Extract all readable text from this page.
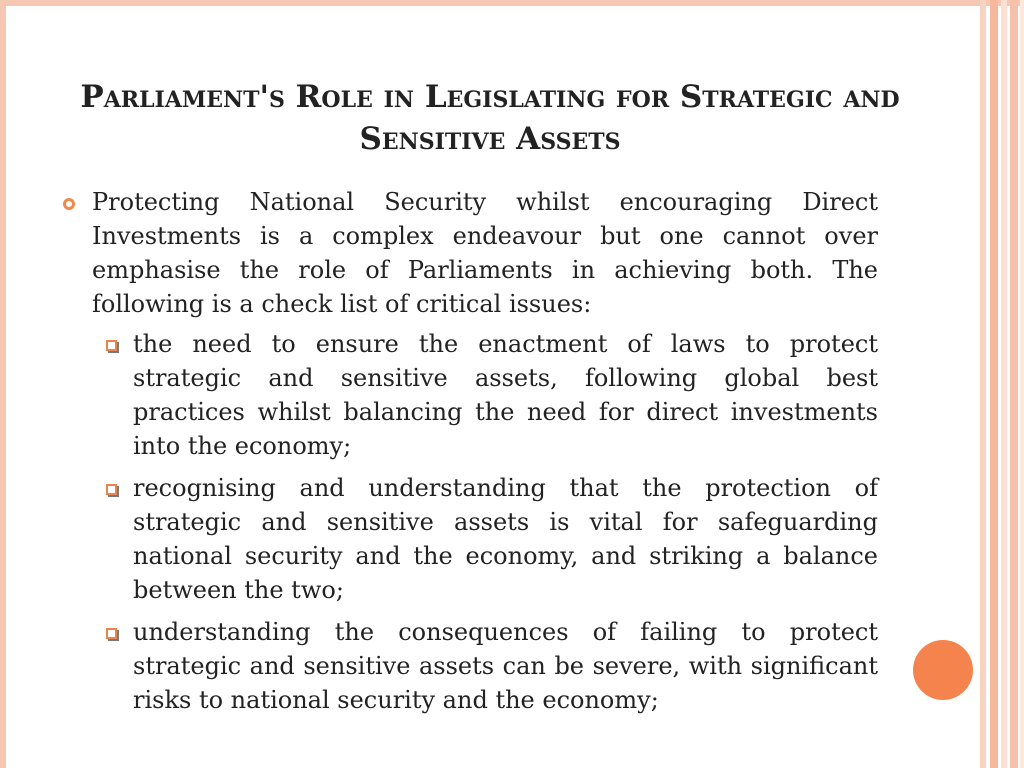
Parliament's Role in Legislating for Strategic and Sensitive Assets
Protecting National Security whilst encouraging Direct Investments is a complex endeavour but one cannot over emphasise the role of Parliaments in achieving both. The following is a check list of critical issues:
the need to ensure the enactment of laws to protect strategic and sensitive assets, following global best practices whilst balancing the need for direct investments into the economy;
recognising and understanding that the protection of strategic and sensitive assets is vital for safeguarding national security and the economy, and striking a balance between the two;
understanding the consequences of failing to protect strategic and sensitive assets can be severe, with significant risks to national security and the economy;
